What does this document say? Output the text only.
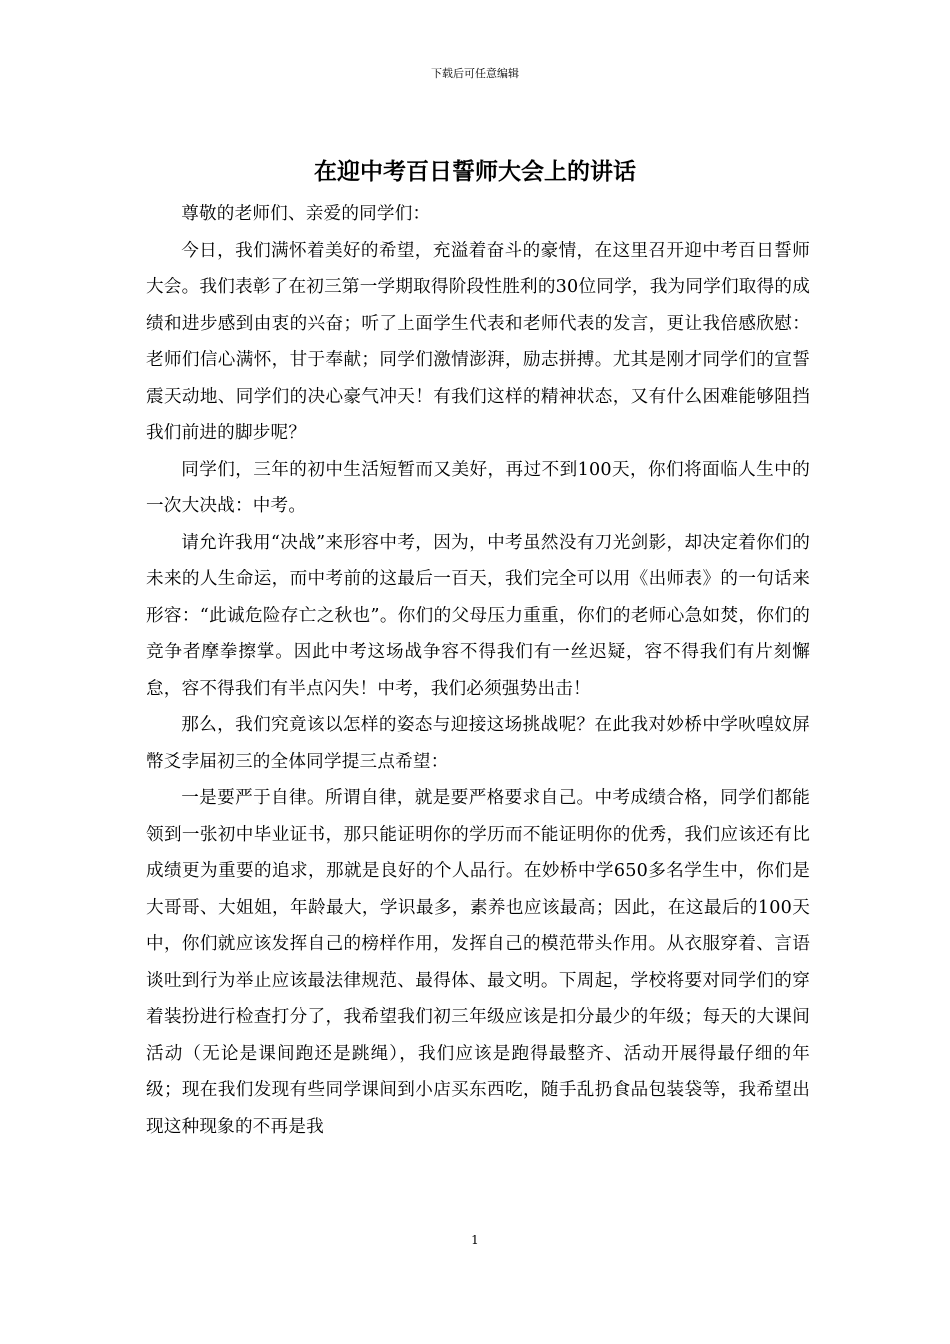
下载后可任意编辑
在迎中考百日誓师大会上的讲话

尊敬的老师们、亲爱的同学们：

今日，我们满怀着美好的希望，充溢着奋斗的豪情，在这里召开迎中考百日誓师大会。我们表彰了在初三第一学期取得阶段性胜利的30位同学，我为同学们取得的成绩和进步感到由衷的兴奋；听了上面学生代表和老师代表的发言，更让我倍感欣慰：老师们信心满怀，甘于奉献；同学们激情澎湃，励志拼搏。尤其是刚才同学们的宣誓震天动地、同学们的决心豪气冲天！有我们这样的精神状态，又有什么困难能够阻挡我们前进的脚步呢？

同学们，三年的初中生活短暂而又美好，再过不到100天，你们将面临人生中的一次大决战：中考。

请允许我用“决战”来形容中考，因为，中考虽然没有刀光剑影，却决定着你们的未来的人生命运，而中考前的这最后一百天，我们完全可以用《出师表》的一句话来形容：“此诚危险存亡之秋也”。你们的父母压力重重，你们的老师心急如焚，你们的竞争者摩拳擦掌。因此中考这场战争容不得我们有一丝迟疑，容不得我们有片刻懈怠，容不得我们有半点闪失！中考，我们必须强势出击！

那么，我们究竟该以怎样的姿态与迎接这场挑战呢？在此我对妙桥中学吙喤妏屏幣爻孛届初三的全体同学提三点希望：

一是要严于自律。所谓自律，就是要严格要求自己。中考成绩合格，同学们都能领到一张初中毕业证书，那只能证明你的学历而不能证明你的优秀，我们应该还有比成绩更为重要的追求，那就是良好的个人品行。在妙桥中学650多名学生中，你们是大哥哥、大姐姐，年龄最大，学识最多，素养也应该最高；因此，在这最后的100天中，你们就应该发挥自己的榜样作用，发挥自己的模范带头作用。从衣服穿着、言语谈吐到行为举止应该最法律规范、最得体、最文明。下周起，学校将要对同学们的穿着装扮进行检查打分了，我希望我们初三年级应该是扣分最少的年级；每天的大课间活动（无论是课间跑还是跳绳），我们应该是跑得最整齐、活动开展得最仔细的年级；现在我们发现有些同学课间到小店买东西吃，随手乱扔食品包装袋等，我希望出现这种现象的不再是我

1
